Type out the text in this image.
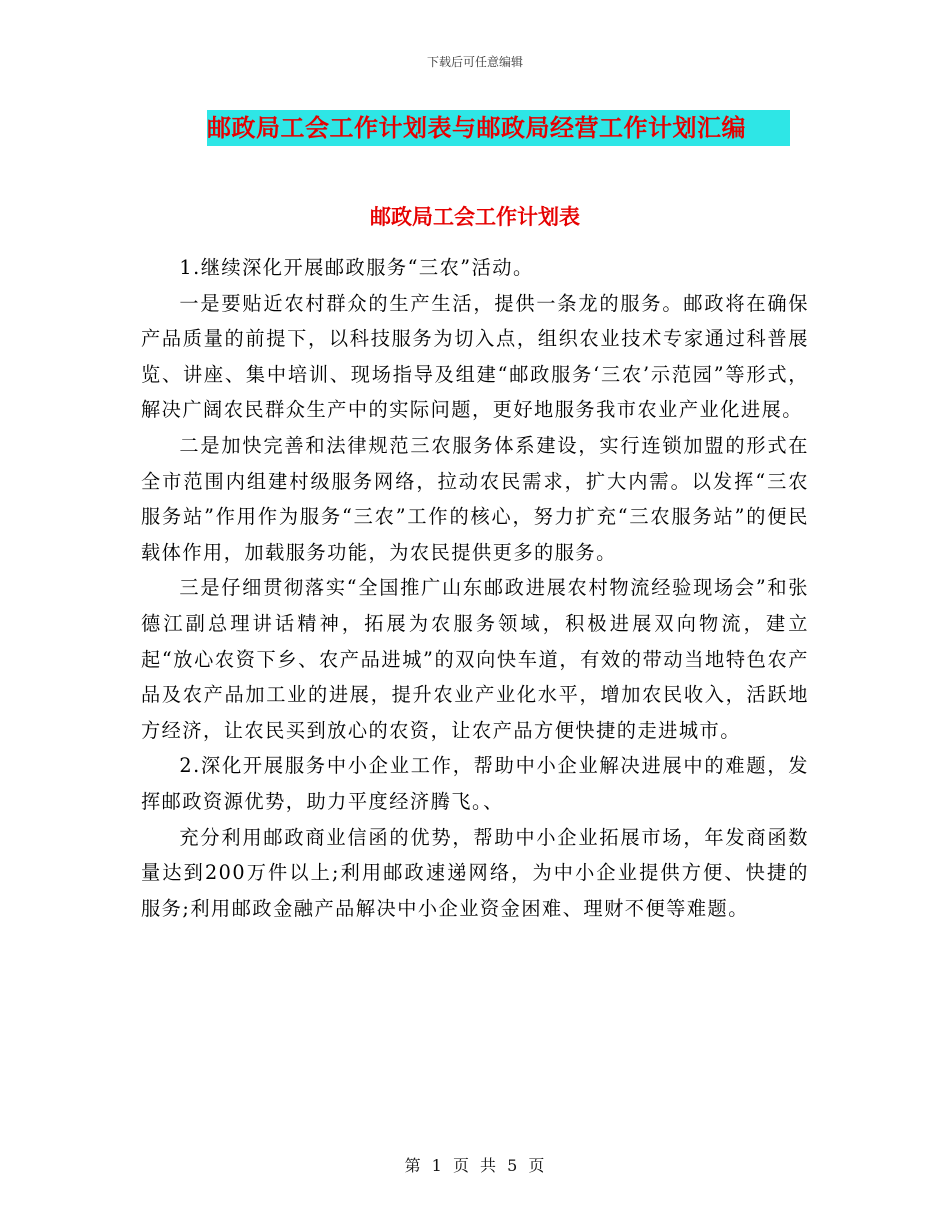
下载后可任意编辑
邮政局工会工作计划表与邮政局经营工作计划汇编
邮政局工会工作计划表

1.继续深化开展邮政服务“三农”活动。

一是要贴近农村群众的生产生活，提供一条龙的服务。邮政将在确保产品质量的前提下，以科技服务为切入点，组织农业技术专家通过科普展览、讲座、集中培训、现场指导及组建“邮政服务‘三农’示范园”等形式，解决广阔农民群众生产中的实际问题，更好地服务我市农业产业化进展。

二是加快完善和法律规范三农服务体系建设，实行连锁加盟的形式在全市范围内组建村级服务网络，拉动农民需求，扩大内需。以发挥“三农服务站”作用作为服务“三农”工作的核心，努力扩充“三农服务站”的便民载体作用，加载服务功能，为农民提供更多的服务。

三是仔细贯彻落实“全国推广山东邮政进展农村物流经验现场会”和张德江副总理讲话精神，拓展为农服务领域，积极进展双向物流，建立起“放心农资下乡、农产品进城”的双向快车道，有效的带动当地特色农产品及农产品加工业的进展，提升农业产业化水平，增加农民收入，活跃地方经济，让农民买到放心的农资，让农产品方便快捷的走进城市。

2.深化开展服务中小企业工作，帮助中小企业解决进展中的难题，发挥邮政资源优势，助力平度经济腾飞。、

充分利用邮政商业信函的优势，帮助中小企业拓展市场，年发商函数量达到200万件以上;利用邮政速递网络，为中小企业提供方便、快捷的服务;利用邮政金融产品解决中小企业资金困难、理财不便等难题。

第 1 页 共 5 页
